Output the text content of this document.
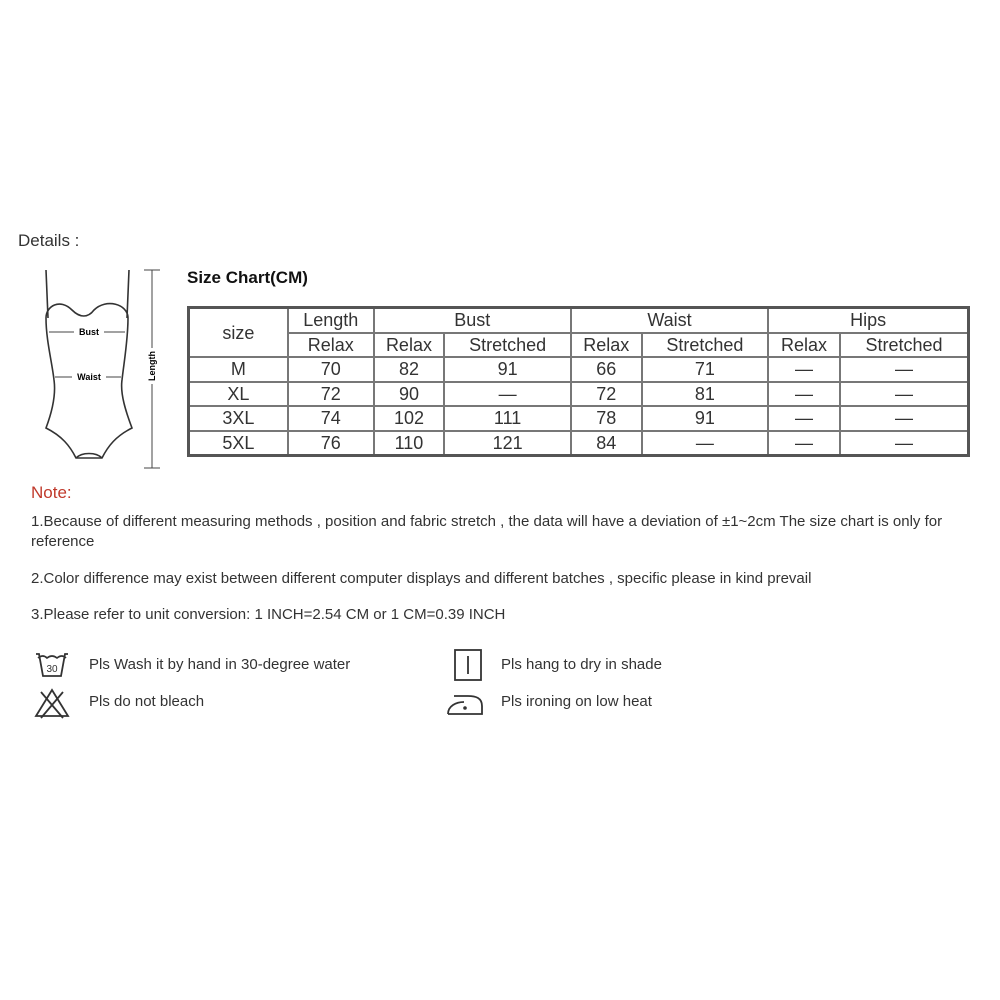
Details :
Bust
Waist	Length
Size Chart(CM)
size	Length	Bust		Waist		Hips	
	Relax	Relax	Stretched	Relax	Stretched	Relax	Stretched
M	70	82	91	66	71	—	—
XL	72	90	—	72	81	—	—
3XL	74	102	111	78	91	—	—
5XL	76	110	121	84	—	—	—
Note:
1.Because of different measuring methods , position and fabric stretch , the data will have a deviation of ±1~2cm The size chart is only for reference
2.Color difference may exist between different computer displays and different batches , specific please in kind prevail
3.Please refer to unit conversion: 1 INCH=2.54 CM or 1 CM=0.39 INCH
30 Pls Wash it by hand in 30-degree water
Pls do not bleach
Pls hang to dry in shade
Pls ironing on low heat
